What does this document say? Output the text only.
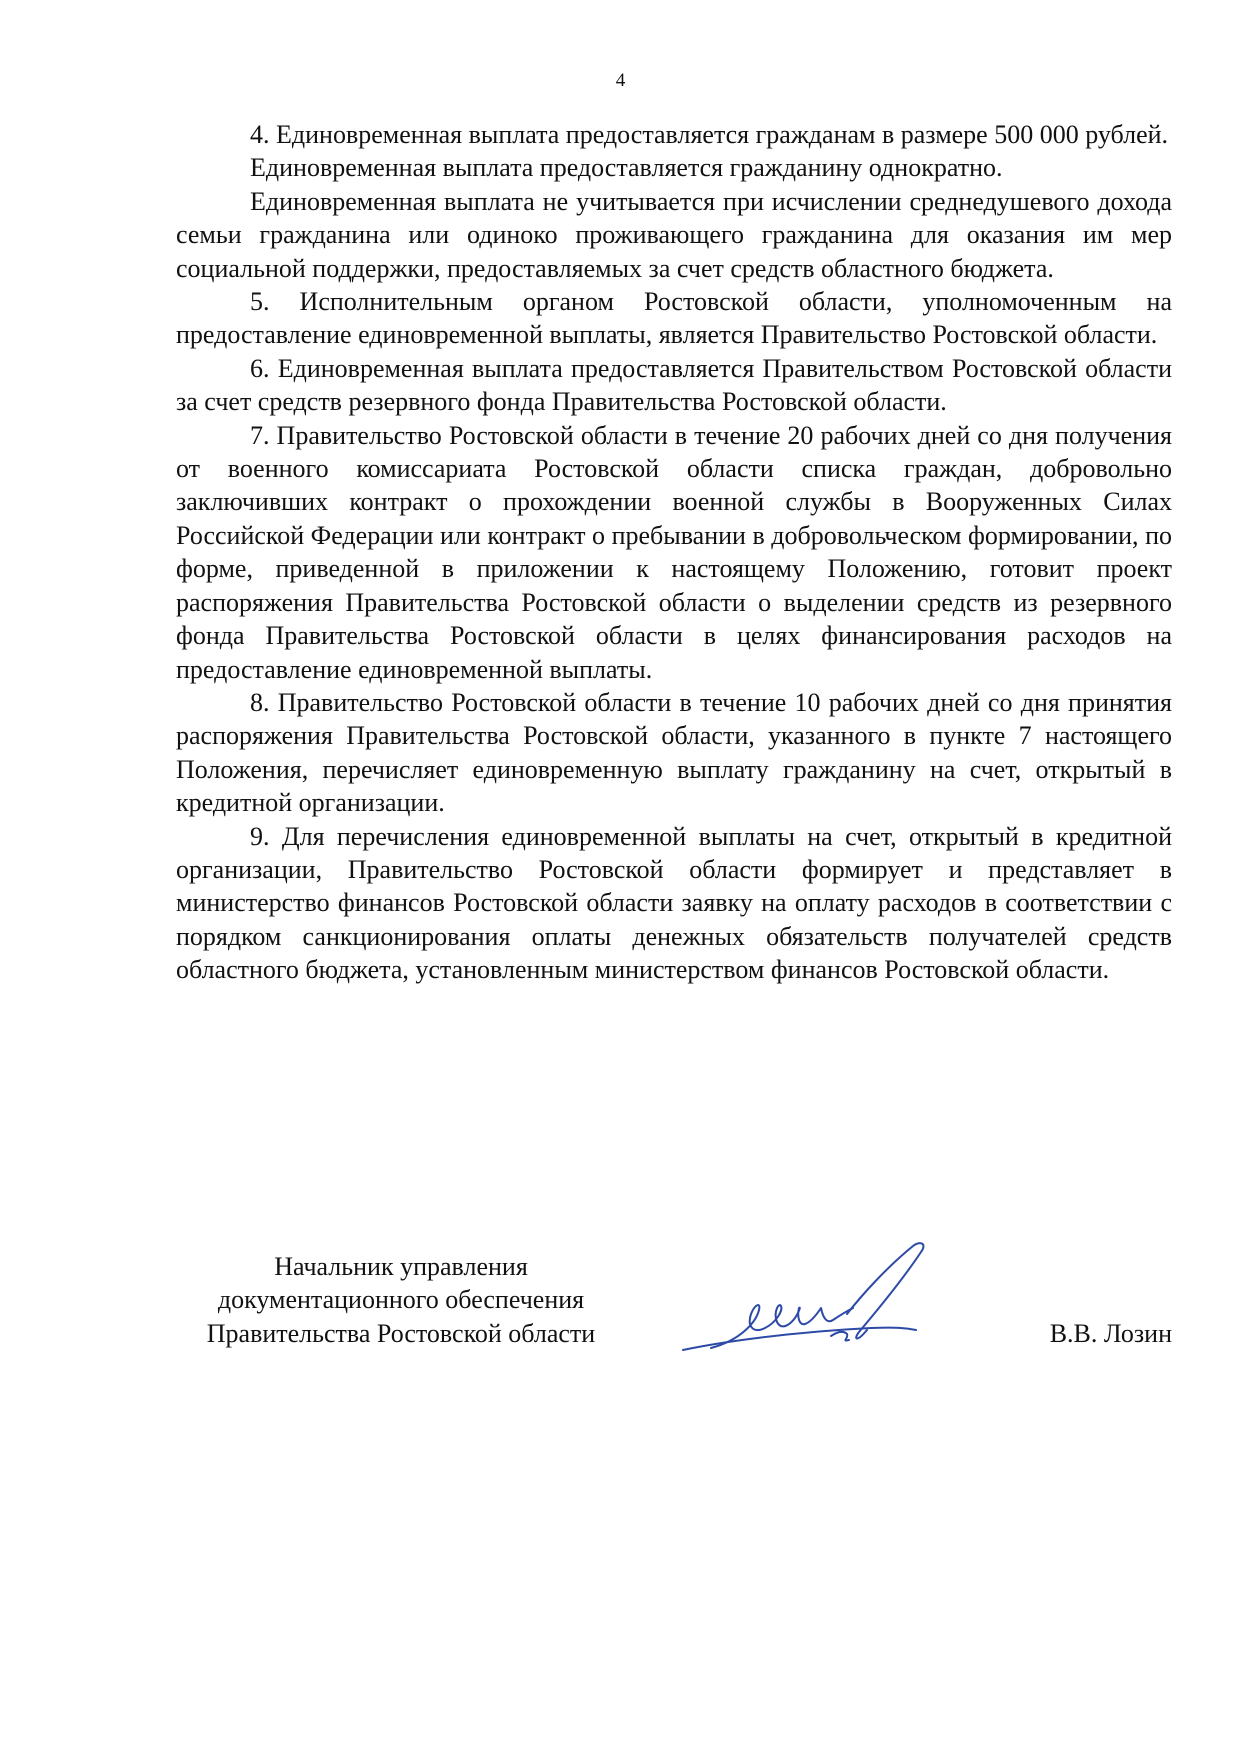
4

4. Единовременная выплата предоставляется гражданам в размере 500 000 рублей.

Единовременная выплата предоставляется гражданину однократно.

Единовременная выплата не учитывается при исчислении среднедушевого дохода семьи гражданина или одиноко проживающего гражданина для оказания им мер социальной поддержки, предоставляемых за счет средств областного бюджета.

5. Исполнительным органом Ростовской области, уполномоченным на предоставление единовременной выплаты, является Правительство Ростовской области.

6. Единовременная выплата предоставляется Правительством Ростовской области за счет средств резервного фонда Правительства Ростовской области.

7. Правительство Ростовской области в течение 20 рабочих дней со дня получения от военного комиссариата Ростовской области списка граждан, добровольно заключивших контракт о прохождении военной службы в Вооруженных Силах Российской Федерации или контракт о пребывании в добровольческом формировании, по форме, приведенной в приложении к настоящему Положению, готовит проект распоряжения Правительства Ростовской области о выделении средств из резервного фонда Правительства Ростовской области в целях финансирования расходов на предоставление единовременной выплаты.

8. Правительство Ростовской области в течение 10 рабочих дней со дня принятия распоряжения Правительства Ростовской области, указанного в пункте 7 настоящего Положения, перечисляет единовременную выплату гражданину на счет, открытый в кредитной организации.

9. Для перечисления единовременной выплаты на счет, открытый в кредитной организации, Правительство Ростовской области формирует и представляет в министерство финансов Ростовской области заявку на оплату расходов в соответствии с порядком санкционирования оплаты денежных обязательств получателей средств областного бюджета, установленным министерством финансов Ростовской области.

Начальник управления
документационного обеспечения
Правительства Ростовской области	В.В. Лозин
